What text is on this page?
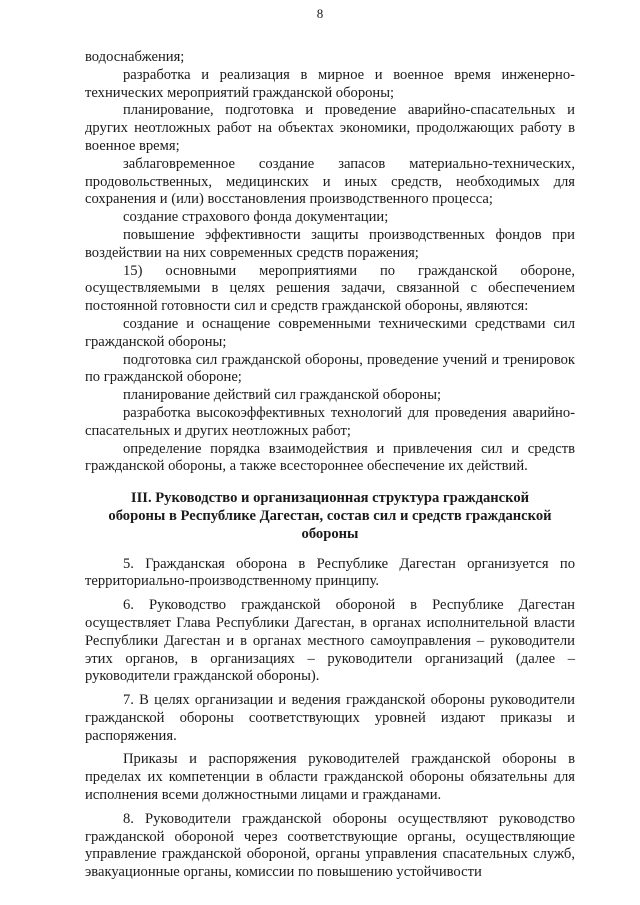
8

водоснабжения;

разработка и реализация в мирное и военное время инженерно-технических мероприятий гражданской обороны;

планирование, подготовка и проведение аварийно-спасательных и других неотложных работ на объектах экономики, продолжающих работу в военное время;

заблаговременное создание запасов материально-технических, продовольственных, медицинских и иных средств, необходимых для сохранения и (или) восстановления производственного процесса;

создание страхового фонда документации;

повышение эффективности защиты производственных фондов при воздействии на них современных средств поражения;

15) основными мероприятиями по гражданской обороне, осуществляемыми в целях решения задачи, связанной с обеспечением постоянной готовности сил и средств гражданской обороны, являются:

создание и оснащение современными техническими средствами сил гражданской обороны;

подготовка сил гражданской обороны, проведение учений и тренировок по гражданской обороне;

планирование действий сил гражданской обороны;

разработка высокоэффективных технологий для проведения аварийно-спасательных и других неотложных работ;

определение порядка взаимодействия и привлечения сил и средств гражданской обороны, а также всестороннее обеспечение их действий.

III. Руководство и организационная структура гражданской обороны в Республике Дагестан, состав сил и средств гражданской обороны

5. Гражданская оборона в Республике Дагестан организуется по территориально-производственному принципу.

6. Руководство гражданской обороной в Республике Дагестан осуществляет Глава Республики Дагестан, в органах исполнительной власти Республики Дагестан и в органах местного самоуправления – руководители этих органов, в организациях – руководители организаций (далее – руководители гражданской обороны).

7. В целях организации и ведения гражданской обороны руководители гражданской обороны соответствующих уровней издают приказы и распоряжения.

Приказы и распоряжения руководителей гражданской обороны в пределах их компетенции в области гражданской обороны обязательны для исполнения всеми должностными лицами и гражданами.

8. Руководители гражданской обороны осуществляют руководство гражданской обороной через соответствующие органы, осуществляющие управление гражданской обороной, органы управления спасательных служб, эвакуационные органы, комиссии по повышению устойчивости
